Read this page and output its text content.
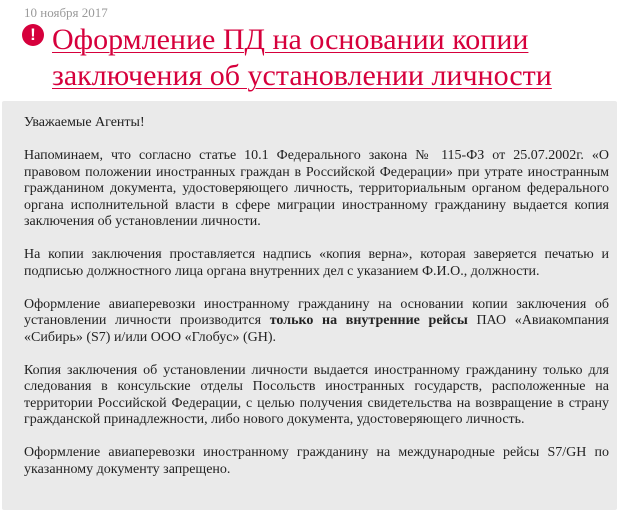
10 ноября 2017
! Оформление ПД на основании копии
заключения об установлении личности

Уважаемые Агенты!

Напоминаем, что согласно статье 10.1 Федерального закона № 115-ФЗ от 25.07.2002г. «О правовом положении иностранных граждан в Российской Федерации» при утрате иностранным гражданином документа, удостоверяющего личность, территориальным органом федерального органа исполнительной власти в сфере миграции иностранному гражданину выдается копия заключения об установлении личности.

На копии заключения проставляется надпись «копия верна», которая заверяется печатью и подписью должностного лица органа внутренних дел с указанием Ф.И.О., должности.

Оформление авиаперевозки иностранному гражданину на основании копии заключения об установлении личности производится только на внутренние рейсы ПАО «Авиакомпания «Сибирь» (S7) и/или ООО «Глобус» (GH).

Копия заключения об установлении личности выдается иностранному гражданину только для следования в консульские отделы Посольств иностранных государств, расположенные на территории Российской Федерации, с целью получения свидетельства на возвращение в страну гражданской принадлежности, либо нового документа, удостоверяющего личность.

Оформление авиаперевозки иностранному гражданину на международные рейсы S7/GH по указанному документу запрещено.
